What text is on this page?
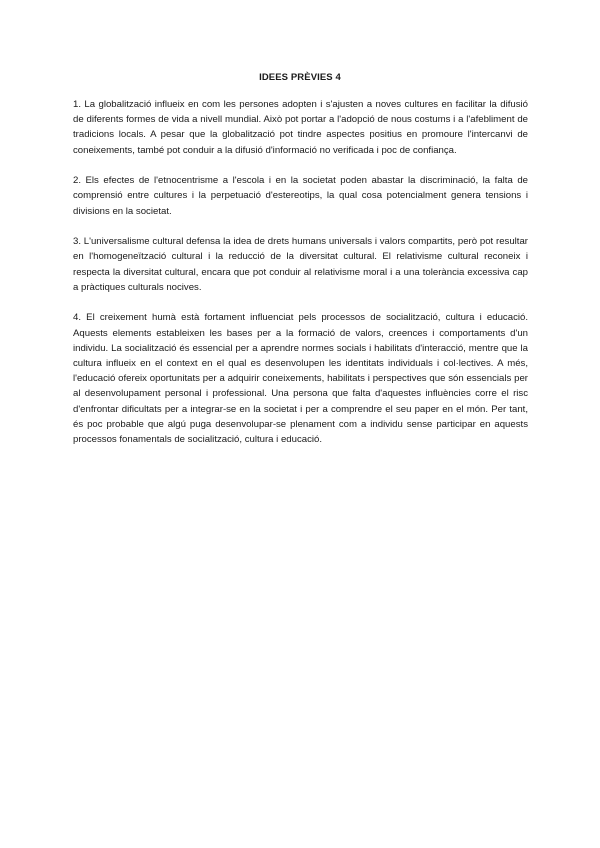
IDEES PRÈVIES 4

1. La globalització influeix en com les persones adopten i s'ajusten a noves cultures en facilitar la difusió de diferents formes de vida a nivell mundial. Això pot portar a l'adopció de nous costums i a l'afebliment de tradicions locals. A pesar que la globalització pot tindre aspectes positius en promoure l'intercanvi de coneixements, també pot conduir a la difusió d'informació no verificada i poc de confiança.

2. Els efectes de l'etnocentrisme a l'escola i en la societat poden abastar la discriminació, la falta de comprensió entre cultures i la perpetuació d'estereotips, la qual cosa potencialment genera tensions i divisions en la societat.

3. L'universalisme cultural defensa la idea de drets humans universals i valors compartits, però pot resultar en l'homogeneïtzació cultural i la reducció de la diversitat cultural. El relativisme cultural reconeix i respecta la diversitat cultural, encara que pot conduir al relativisme moral i a una tolerància excessiva cap a pràctiques culturals nocives.

4. El creixement humà està fortament influenciat pels processos de socialització, cultura i educació. Aquests elements estableixen les bases per a la formació de valors, creences i comportaments d'un individu. La socialització és essencial per a aprendre normes socials i habilitats d'interacció, mentre que la cultura influeix en el context en el qual es desenvolupen les identitats individuals i col·lectives. A més, l'educació ofereix oportunitats per a adquirir coneixements, habilitats i perspectives que són essencials per al desenvolupament personal i professional. Una persona que falta d'aquestes influències corre el risc d'enfrontar dificultats per a integrar-se en la societat i per a comprendre el seu paper en el món. Per tant, és poc probable que algú puga desenvolupar-se plenament com a individu sense participar en aquests processos fonamentals de socialització, cultura i educació.
